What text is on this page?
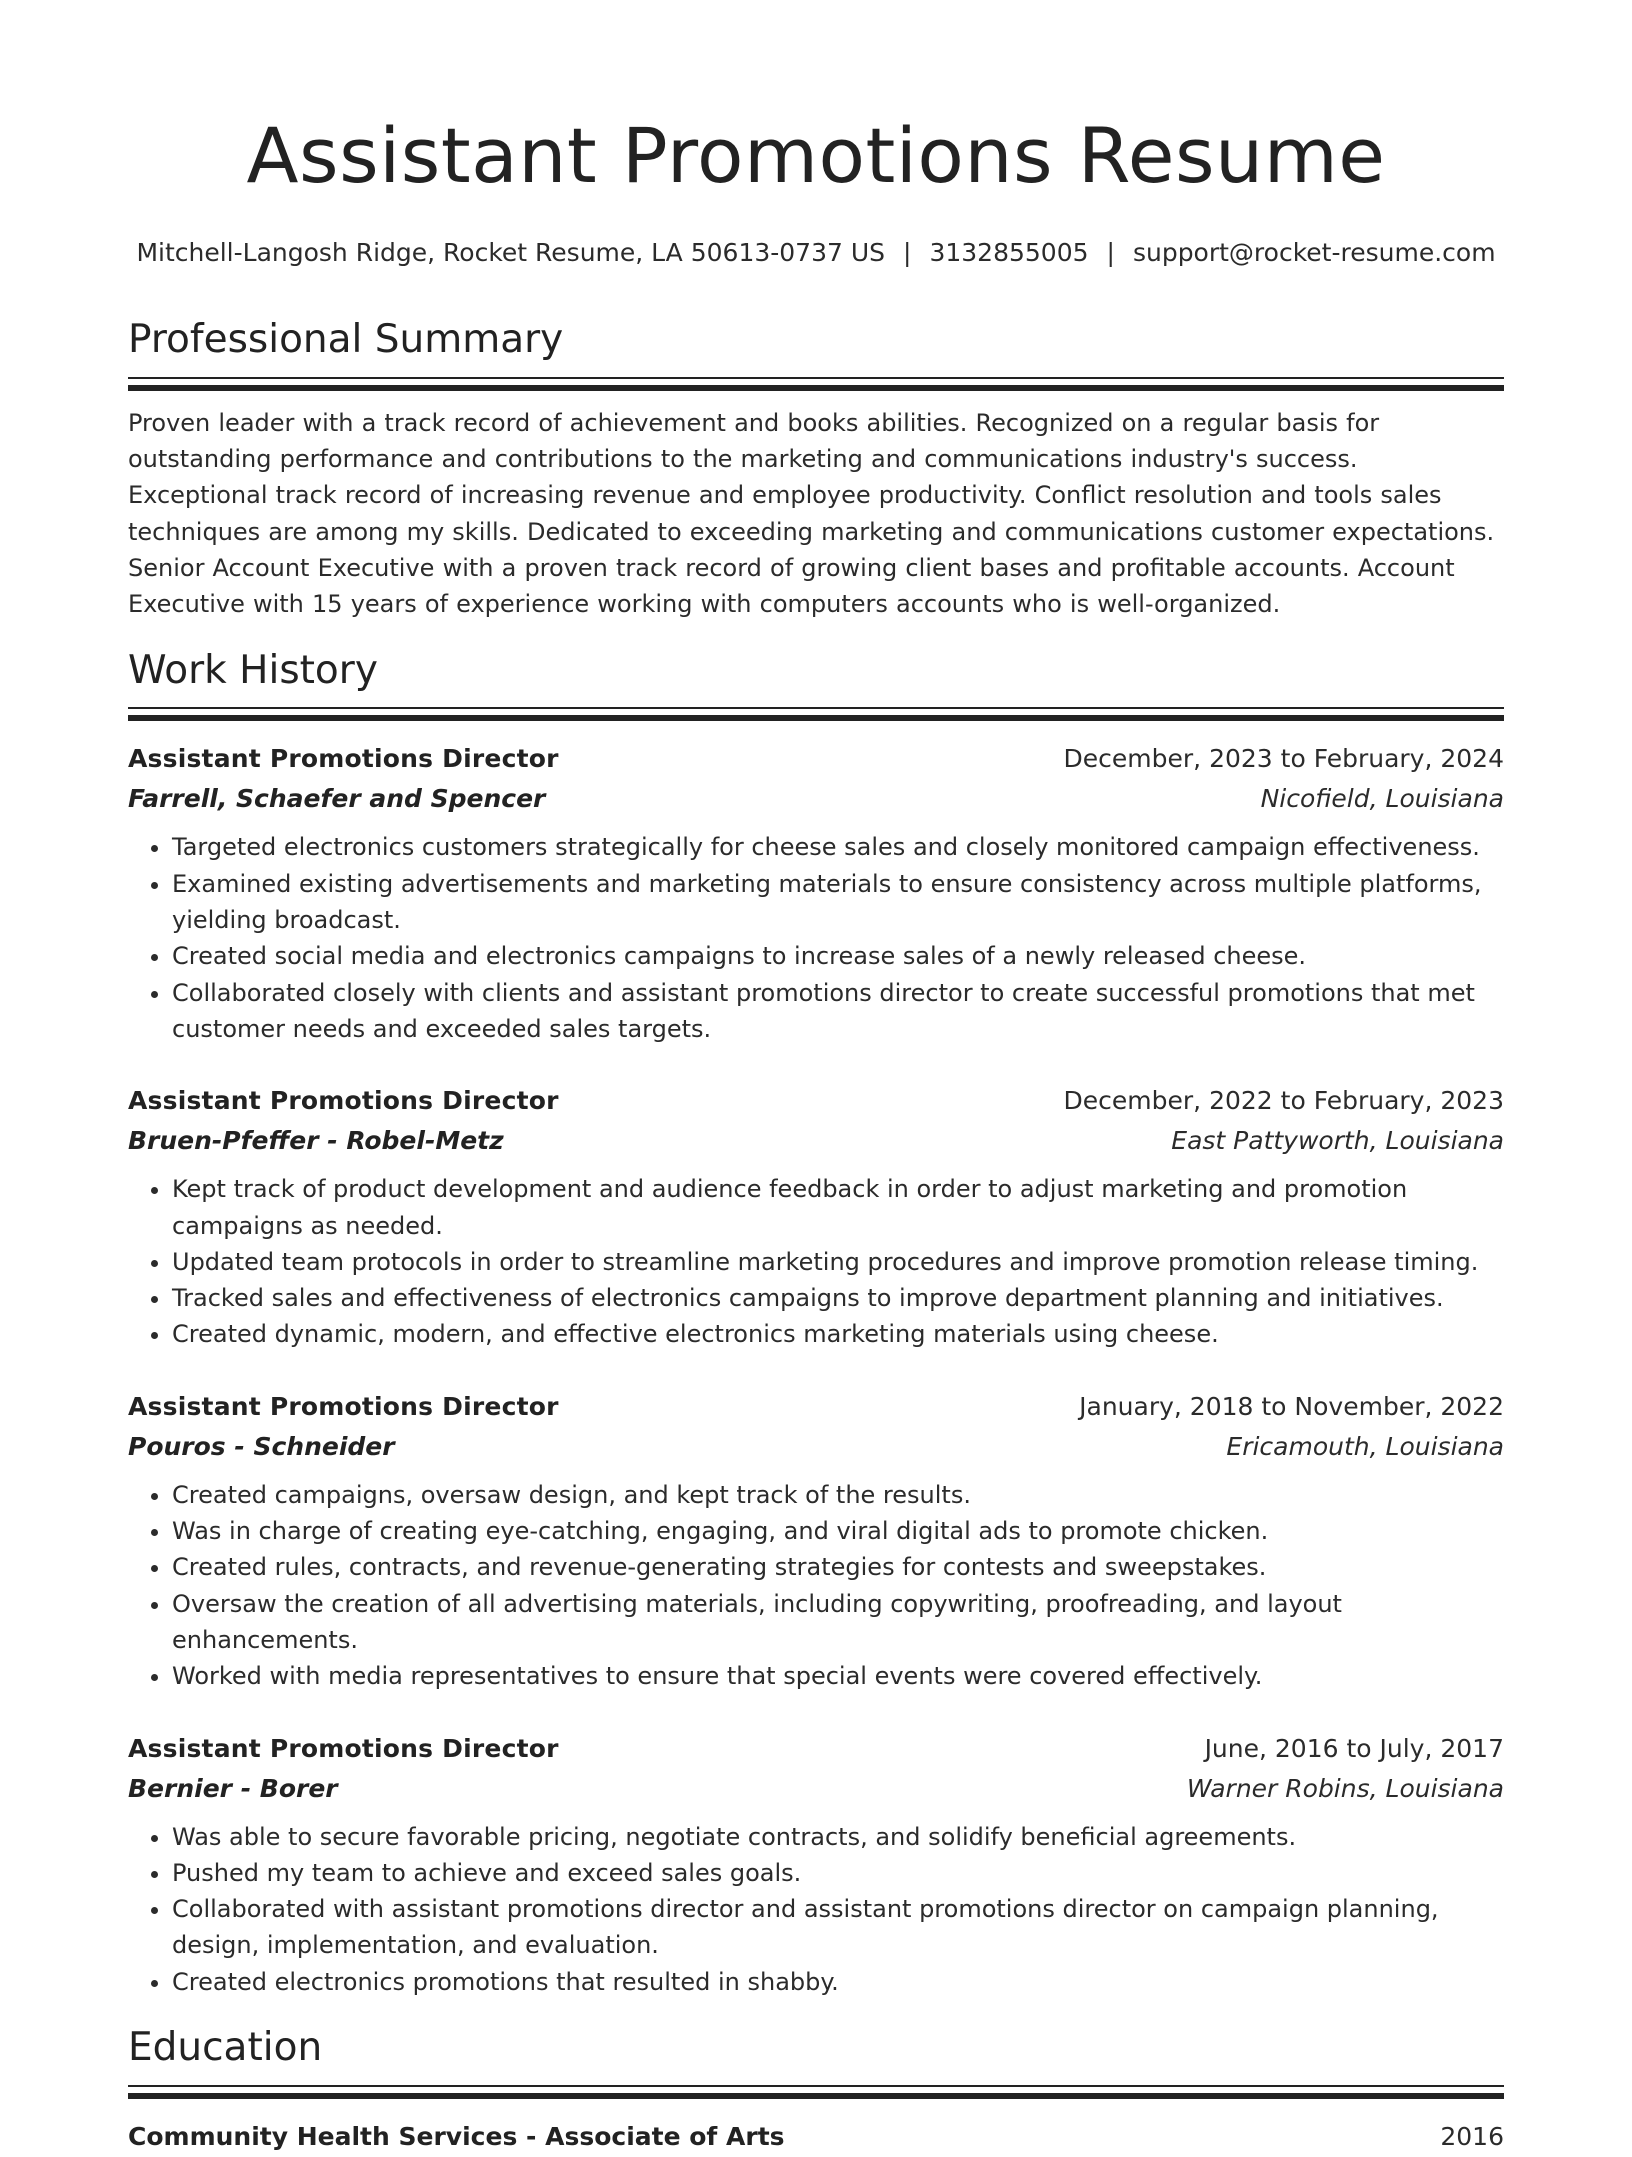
Assistant Promotions Resume
Mitchell-Langosh Ridge, Rocket Resume, LA 50613-0737 US | 3132855005 | support@rocket-resume.com
Professional Summary

Proven leader with a track record of achievement and books abilities. Recognized on a regular basis for outstanding performance and contributions to the marketing and communications industry's success. Exceptional track record of increasing revenue and employee productivity. Conflict resolution and tools sales techniques are among my skills. Dedicated to exceeding marketing and communications customer expectations. Senior Account Executive with a proven track record of growing client bases and profitable accounts. Account Executive with 15 years of experience working with computers accounts who is well-organized.

Work History
Assistant Promotions Director	December, 2023 to February, 2024
Farrell, Schaefer and Spencer	Nicofield, Louisiana
• Targeted electronics customers strategically for cheese sales and closely monitored campaign effectiveness.
• Examined existing advertisements and marketing materials to ensure consistency across multiple platforms, yielding broadcast.
• Created social media and electronics campaigns to increase sales of a newly released cheese.
• Collaborated closely with clients and assistant promotions director to create successful promotions that met customer needs and exceeded sales targets.
Assistant Promotions Director	December, 2022 to February, 2023
Bruen-Pfeffer - Robel-Metz	East Pattyworth, Louisiana
• Kept track of product development and audience feedback in order to adjust marketing and promotion campaigns as needed.
• Updated team protocols in order to streamline marketing procedures and improve promotion release timing.
• Tracked sales and effectiveness of electronics campaigns to improve department planning and initiatives.
• Created dynamic, modern, and effective electronics marketing materials using cheese.
Assistant Promotions Director	January, 2018 to November, 2022
Pouros - Schneider	Ericamouth, Louisiana
• Created campaigns, oversaw design, and kept track of the results.
• Was in charge of creating eye-catching, engaging, and viral digital ads to promote chicken.
• Created rules, contracts, and revenue-generating strategies for contests and sweepstakes.
• Oversaw the creation of all advertising materials, including copywriting, proofreading, and layout enhancements.
• Worked with media representatives to ensure that special events were covered effectively.
Assistant Promotions Director	June, 2016 to July, 2017
Bernier - Borer	Warner Robins, Louisiana
• Was able to secure favorable pricing, negotiate contracts, and solidify beneficial agreements.
• Pushed my team to achieve and exceed sales goals.
• Collaborated with assistant promotions director and assistant promotions director on campaign planning, design, implementation, and evaluation.
• Created electronics promotions that resulted in shabby.
Education
Community Health Services - Associate of Arts	2016
